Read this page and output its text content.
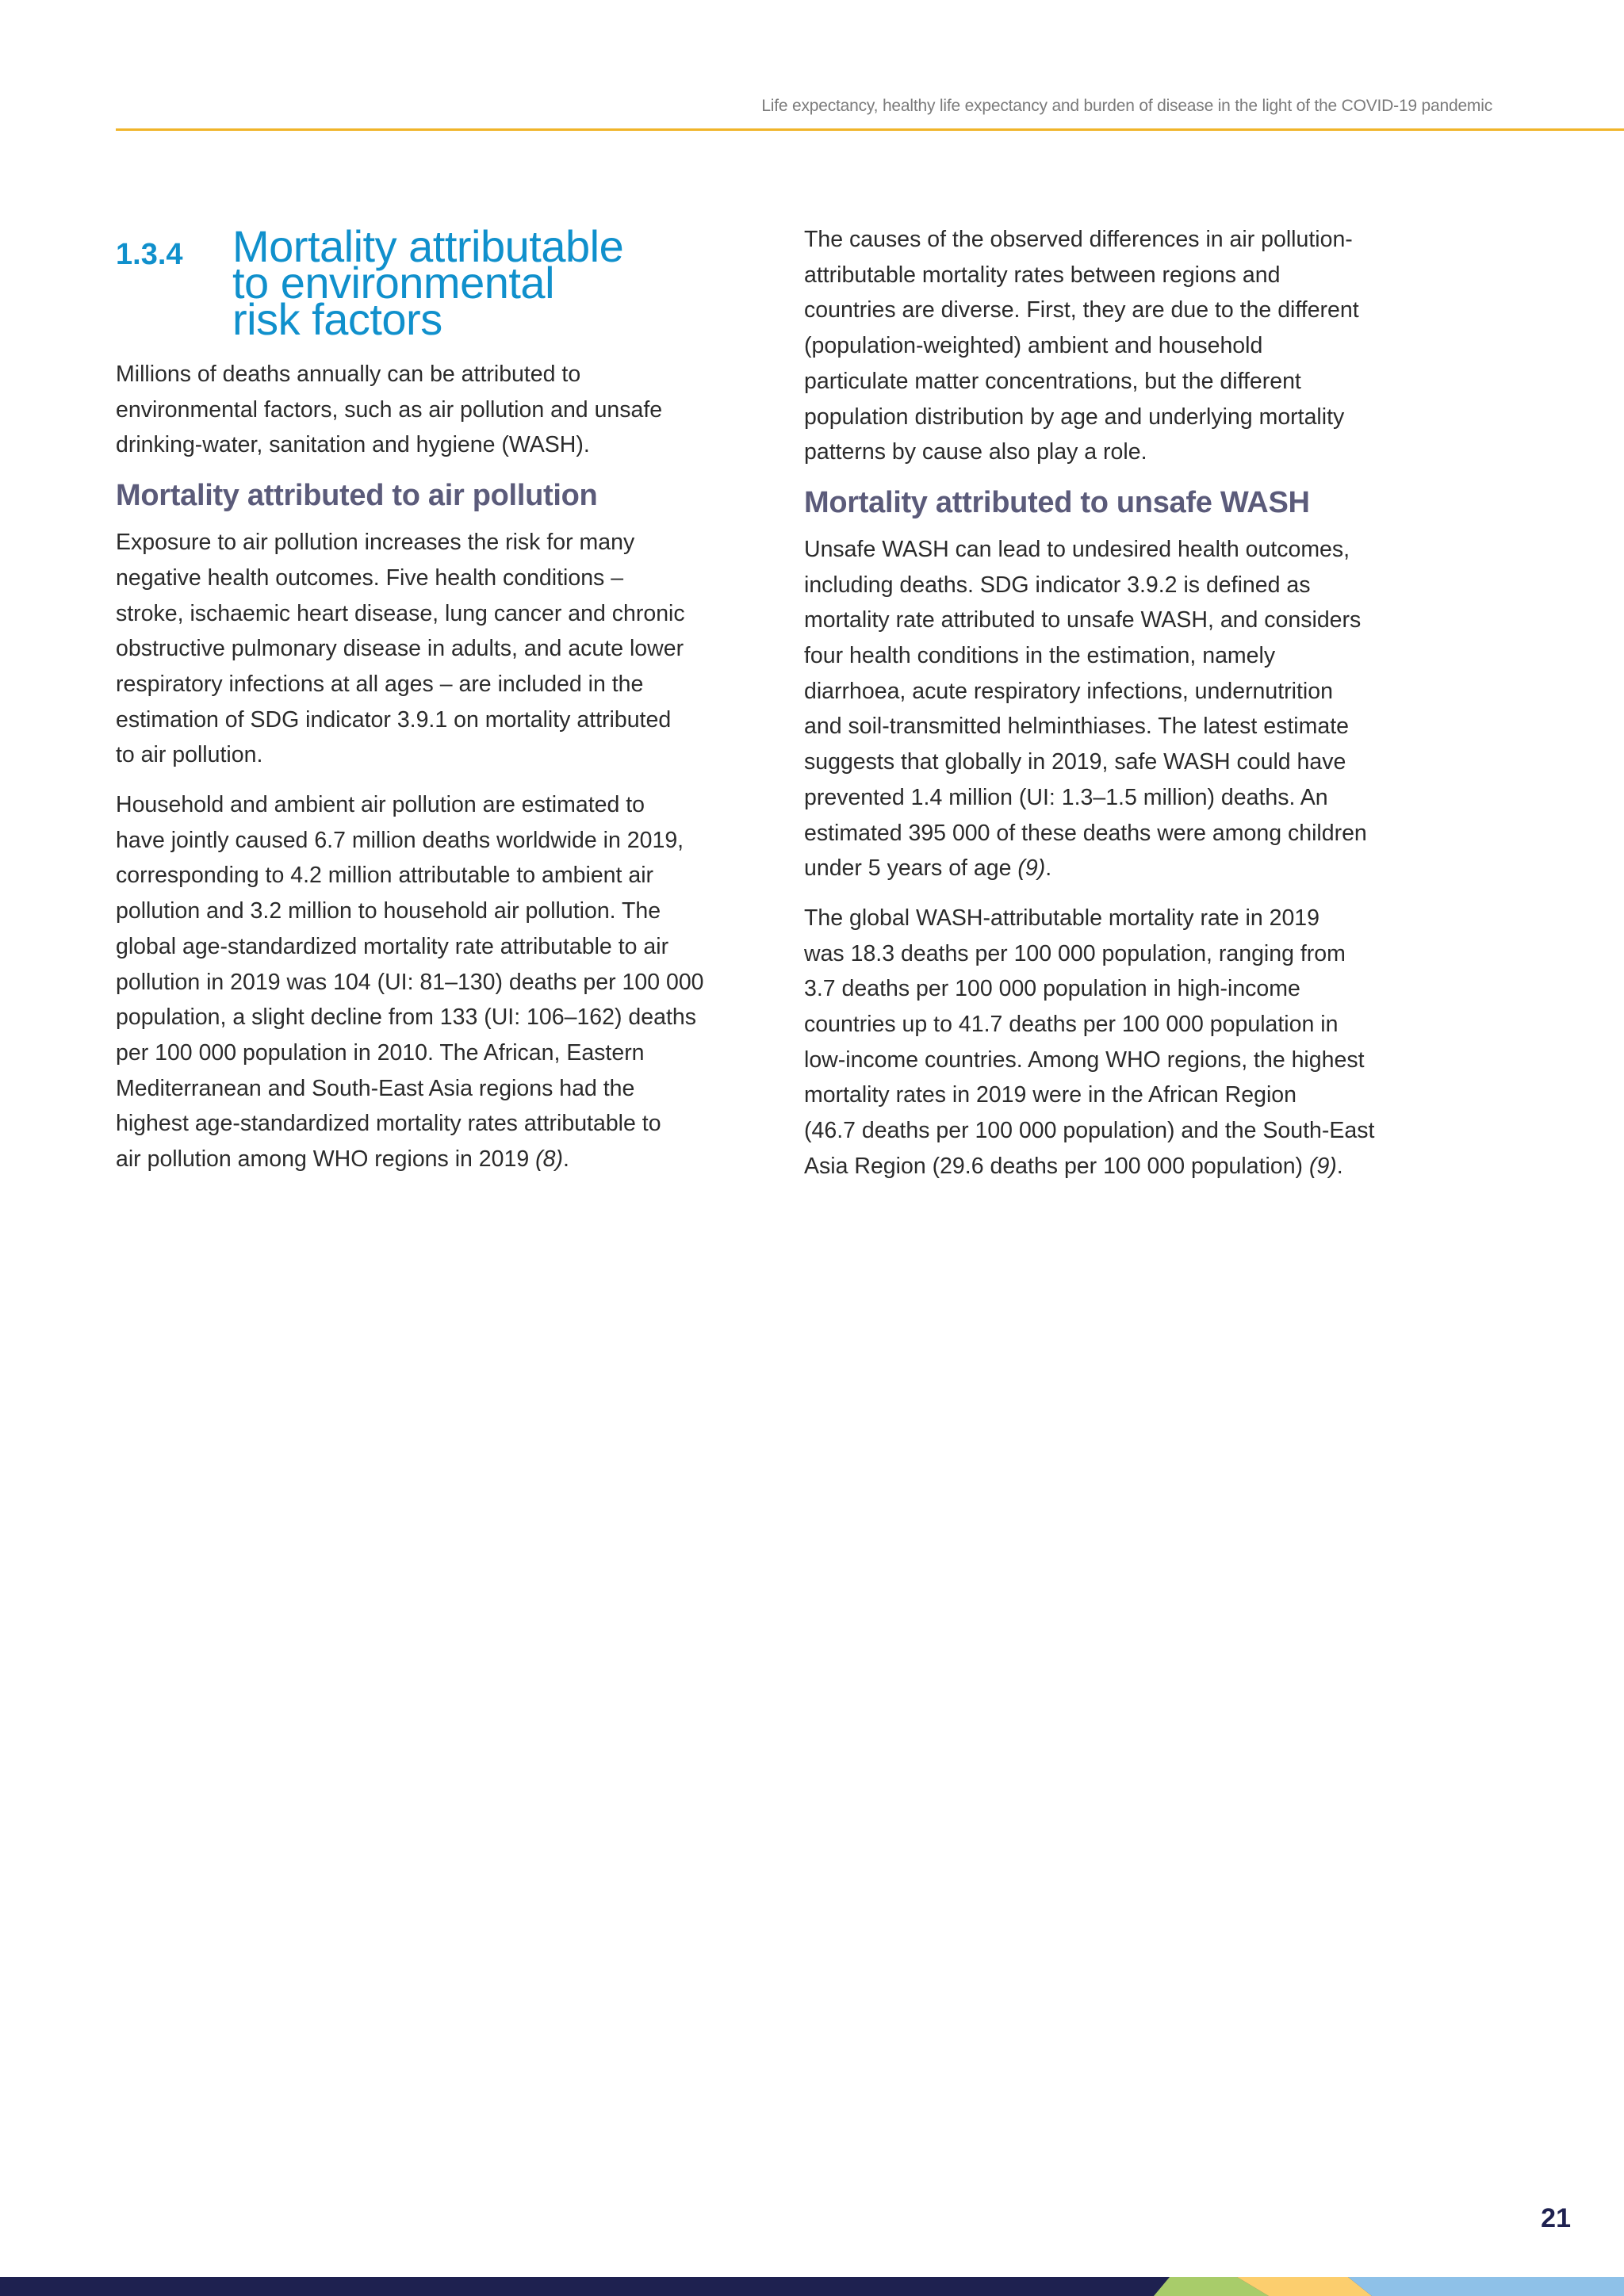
Life expectancy, healthy life expectancy and burden of disease in the light of the COVID-19 pandemic
1.3.4	Mortality attributable
to environmental
risk factors

Millions of deaths annually can be attributed to
environmental factors, such as air pollution and unsafe
drinking-water, sanitation and hygiene (WASH).

Mortality attributed to air pollution

Exposure to air pollution increases the risk for many
negative health outcomes. Five health conditions –
stroke, ischaemic heart disease, lung cancer and chronic
obstructive pulmonary disease in adults, and acute lower
respiratory infections at all ages – are included in the
estimation of SDG indicator 3.9.1 on mortality attributed
to air pollution.

Household and ambient air pollution are estimated to
have jointly caused 6.7 million deaths worldwide in 2019,
corresponding to 4.2 million attributable to ambient air
pollution and 3.2 million to household air pollution. The
global age-standardized mortality rate attributable to air
pollution in 2019 was 104 (UI: 81–130) deaths per 100 000
population, a slight decline from 133 (UI: 106–162) deaths
per 100 000 population in 2010. The African, Eastern
Mediterranean and South-East Asia regions had the
highest age-standardized mortality rates attributable to
air pollution among WHO regions in 2019 (8).

The causes of the observed differences in air pollution-
attributable mortality rates between regions and
countries are diverse. First, they are due to the different
(population-weighted) ambient and household
particulate matter concentrations, but the different
population distribution by age and underlying mortality
patterns by cause also play a role.

Mortality attributed to unsafe WASH

Unsafe WASH can lead to undesired health outcomes,
including deaths. SDG indicator 3.9.2 is defined as
mortality rate attributed to unsafe WASH, and considers
four health conditions in the estimation, namely
diarrhoea, acute respiratory infections, undernutrition
and soil-transmitted helminthiases. The latest estimate
suggests that globally in 2019, safe WASH could have
prevented 1.4 million (UI: 1.3–1.5 million) deaths. An
estimated 395 000 of these deaths were among children
under 5 years of age (9).

The global WASH-attributable mortality rate in 2019
was 18.3 deaths per 100 000 population, ranging from
3.7 deaths per 100 000 population in high-income
countries up to 41.7 deaths per 100 000 population in
low-income countries. Among WHO regions, the highest
mortality rates in 2019 were in the African Region
(46.7 deaths per 100 000 population) and the South-East
Asia Region (29.6 deaths per 100 000 population) (9).

21
